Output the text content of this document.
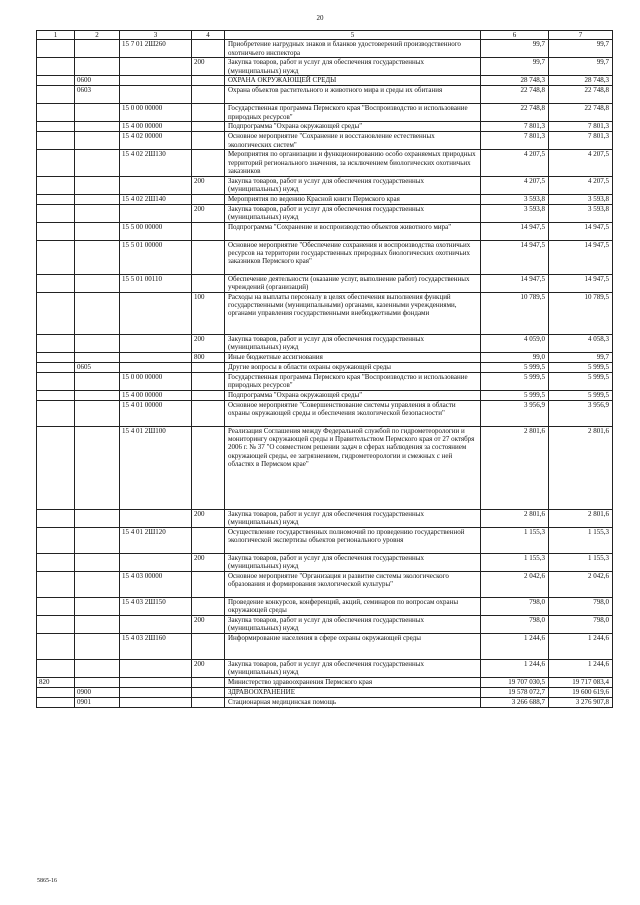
20
1	2	3	4	5	6	7
		15 7 01 2Ш260		Приобретение нагрудных знаков и бланков удостоверений производственного охотничьего инспектора	99,7	99,7
			200	Закупка товаров, работ и услуг для обеспечения государственных (муниципальных) нужд	99,7	99,7
	0600			ОХРАНА ОКРУЖАЮЩЕЙ СРЕДЫ	28 748,3	28 748,3
	0603			Охрана объектов растительного и животного мира и среды их обитания	22 748,8	22 748,8
		15 0 00 00000		Государственная программа Пермского края "Воспроизводство и использование природных ресурсов"	22 748,8	22 748,8
		15 4 00 00000		Подпрограмма "Охрана окружающей среды"	7 801,3	7 801,3
		15 4 02 00000		Основное мероприятие "Сохранение и восстановление естественных экологических систем"	7 801,3	7 801,3
		15 4 02 2Ш130		Мероприятия по организации и функционированию особо охраняемых природных территорий регионального значения, за исключением биологических охотничьих заказников	4 207,5	4 207,5
			200	Закупка товаров, работ и услуг для обеспечения государственных (муниципальных) нужд	4 207,5	4 207,5
		15 4 02 2Ш140		Мероприятия по ведению Красной книги Пермского края	3 593,8	3 593,8
			200	Закупка товаров, работ и услуг для обеспечения государственных (муниципальных) нужд	3 593,8	3 593,8
		15 5 00 00000		Подпрограмма "Сохранение и воспроизводство объектов животного мира"	14 947,5	14 947,5
		15 5 01 00000		Основное мероприятие "Обеспечение сохранения и воспроизводства охотничьих ресурсов на территории государственных природных биологических охотничьих заказников Пермского края"	14 947,5	14 947,5
		15 5 01 00110		Обеспечение деятельности (оказание услуг, выполнение работ) государственных учреждений (организаций)	14 947,5	14 947,5
			100	Расходы на выплаты персоналу в целях обеспечения выполнения функций государственными (муниципальными) органами, казенными учреждениями, органами управления государственными внебюджетными фондами	10 789,5	10 789,5
			200	Закупка товаров, работ и услуг для обеспечения государственных (муниципальных) нужд	4 059,0	4 058,3
			800	Иные бюджетные ассигнования	99,0	99,7
	0605			Другие вопросы в области охраны окружающей среды	5 999,5	5 999,5
		15 0 00 00000		Государственная программа Пермского края "Воспроизводство и использование природных ресурсов"	5 999,5	5 999,5
		15 4 00 00000		Подпрограмма "Охрана окружающей среды"	5 999,5	5 999,5
		15 4 01 00000		Основное мероприятие "Совершенствование системы управления в области охраны окружающей среды и обеспечения экологической безопасности"	3 956,9	3 956,9
		15 4 01 2Ш100		Реализация Соглашения между Федеральной службой по гидрометеорологии и мониторингу окружающей среды и Правительством Пермского края от 27 октября 2006 г. № 37 "О совместном решении задач в сферах наблюдения за состоянием окружающей среды, ее загрязнением, гидрометеорологии и смежных с ней областях в Пермском крае"	2 801,6	2 801,6
			200	Закупка товаров, работ и услуг для обеспечения государственных (муниципальных) нужд	2 801,6	2 801,6
		15 4 01 2Ш120		Осуществление государственных полномочий по проведению государственной экологической экспертизы объектов регионального уровня	1 155,3	1 155,3
			200	Закупка товаров, работ и услуг для обеспечения государственных (муниципальных) нужд	1 155,3	1 155,3
		15 4 03 00000		Основное мероприятие "Организация и развитие системы экологического образования и формирования экологической культуры"	2 042,6	2 042,6
		15 4 03 2Ш150		Проведение конкурсов, конференций, акций, семинаров по вопросам охраны окружающей среды	798,0	798,0
			200	Закупка товаров, работ и услуг для обеспечения государственных (муниципальных) нужд	798,0	798,0
		15 4 03 2Ш160		Информирование населения в сфере охраны окружающей среды	1 244,6	1 244,6
			200	Закупка товаров, работ и услуг для обеспечения государственных (муниципальных) нужд	1 244,6	1 244,6
820				Министерство здравоохранения Пермского края	19 707 030,5	19 717 083,4
	0900			ЗДРАВООХРАНЕНИЕ	19 578 072,7	19 600 619,6
	0901			Стационарная медицинская помощь	3 266 688,7	3 276 907,8
5865-16
